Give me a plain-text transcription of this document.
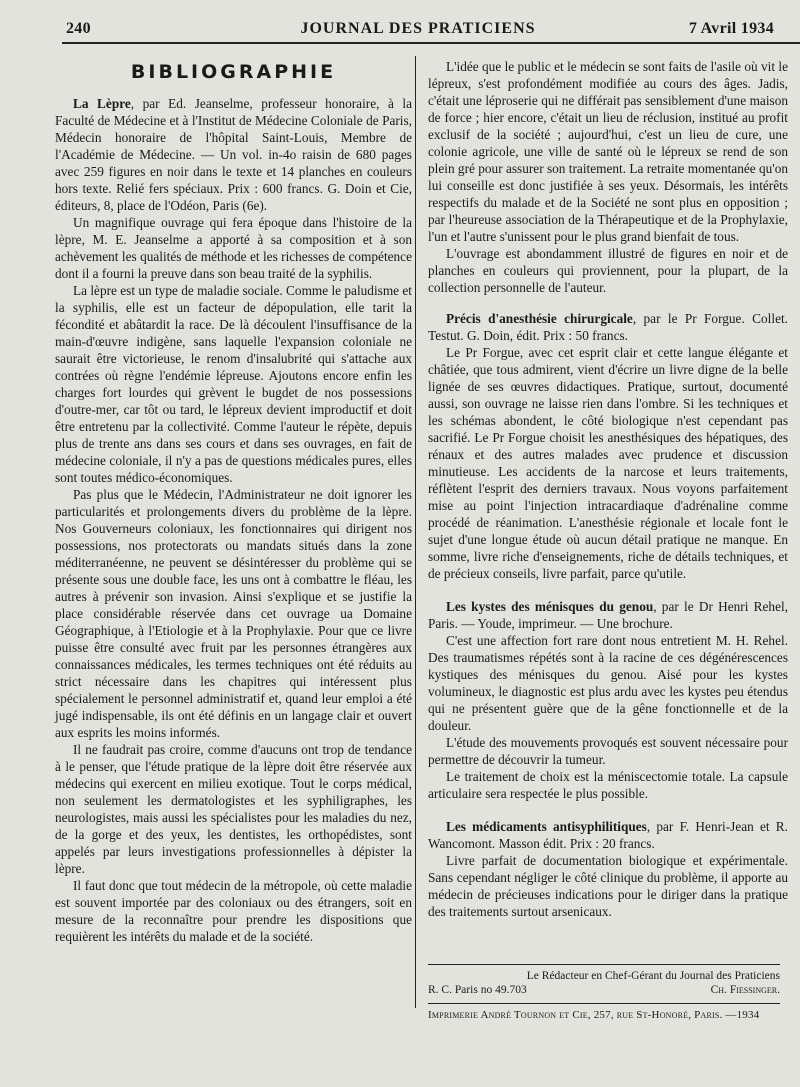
240	JOURNAL DES PRATICIENS	7 Avril 1934
BIBLIOGRAPHIE

La Lèpre, par Ed. Jeanselme, professeur honoraire, à la Faculté de Médecine et à l'Institut de Médecine Coloniale de Paris, Médecin honoraire de l'hôpital Saint-Louis, Membre de l'Académie de Médecine. — Un vol. in-4o raisin de 680 pages avec 259 figures en noir dans le texte et 14 planches en couleurs hors texte. Relié fers spéciaux. Prix : 600 francs. G. Doin et Cie, éditeurs, 8, place de l'Odéon, Paris (6e).

Un magnifique ouvrage qui fera époque dans l'histoire de la lèpre, M. E. Jeanselme a apporté à sa composition et à son achèvement les qualités de méthode et les richesses de compétence dont il a fourni la preuve dans son beau traité de la syphilis.

La lèpre est un type de maladie sociale. Comme le paludisme et la syphilis, elle est un facteur de dépopulation, elle tarit la fécondité et abâtardit la race. De là découlent l'insuffisance de la main-d'œuvre indigène, sans laquelle l'expansion coloniale ne saurait être victorieuse, le renom d'insalubrité qui s'attache aux contrées où règne l'endémie lépreuse. Ajoutons encore enfin les charges fort lourdes qui grèvent le bugdet de nos possessions d'outre-mer, car tôt ou tard, le lépreux devient improductif et doit être entretenu par la collectivité. Comme l'auteur le répète, depuis plus de trente ans dans ses cours et dans ses ouvrages, en fait de médecine coloniale, il n'y a pas de questions médicales pures, elles sont toutes médico-économiques.

Pas plus que le Médecin, l'Administrateur ne doit ignorer les particularités et prolongements divers du problème de la lèpre. Nos Gouverneurs coloniaux, les fonctionnaires qui dirigent nos possessions, nos protectorats ou mandats situés dans la zone méditerranéenne, ne peuvent se désintéresser du problème qui se présente sous une double face, les uns ont à combattre le fléau, les autres à prévenir son invasion. Ainsi s'explique et se justifie la place considérable réservée dans cet ouvrage ua Domaine Géographique, à l'Etiologie et à la Prophylaxie. Pour que ce livre puisse être consulté avec fruit par les personnes étrangères aux connaissances médicales, les termes techniques ont été réduits au strict nécessaire dans les chapitres qui intéressent plus spécialement le personnel administratif et, quand leur emploi a été jugé indispensable, ils ont été définis en un langage clair et ouvert aux esprits les moins informés.

Il ne faudrait pas croire, comme d'aucuns ont trop de tendance à le penser, que l'étude pratique de la lèpre doit être réservée aux médecins qui exercent en milieu exotique. Tout le corps médical, non seulement les dermatologistes et les syphiligraphes, les neurologistes, mais aussi les spécialistes pour les maladies du nez, de la gorge et des yeux, les dentistes, les orthopédistes, sont appelés par leurs investigations professionnelles à dépister la lèpre.

Il faut donc que tout médecin de la métropole, où cette maladie est souvent importée par des coloniaux ou des étrangers, soit en mesure de la reconnaître pour prendre les dispositions que requièrent les intérêts du malade et de la société.

L'idée que le public et le médecin se sont faits de l'asile où vit le lépreux, s'est profondément modifiée au cours des âges. Jadis, c'était une léproserie qui ne différait pas sensiblement d'une maison de force ; hier encore, c'était un lieu de réclusion, institué au profit exclusif de la société ; aujourd'hui, c'est un lieu de cure, une colonie agricole, une ville de santé où le lépreux se rend de son plein gré pour assurer son traitement. La retraite momentanée qu'on lui conseille est donc justifiée à ses yeux. Désormais, les intérêts respectifs du malade et de la Société ne sont plus en opposition ; par l'heureuse association de la Thérapeutique et de la Prophylaxie, l'un et l'autre s'unissent pour le plus grand bienfait de tous.

L'ouvrage est abondamment illustré de figures en noir et de planches en couleurs qui proviennent, pour la plupart, de la collection personnelle de l'auteur.

Précis d'anesthésie chirurgicale, par le Pr Forgue. Collet. Testut. G. Doin, édit. Prix : 50 francs.

Le Pr Forgue, avec cet esprit clair et cette langue élégante et châtiée, que tous admirent, vient d'écrire un livre digne de la belle lignée de ses œuvres didactiques. Pratique, surtout, documenté aussi, son ouvrage ne laisse rien dans l'ombre. Si les techniques et les schémas abondent, le côté biologique n'est cependant pas sacrifié. Le Pr Forgue choisit les anesthésiques des hépatiques, des rénaux et des autres malades avec prudence et discussion minutieuse. Les accidents de la narcose et leurs traitements, réflètent l'esprit des derniers travaux. Nous voyons parfaitement mise au point l'injection intracardiaque d'adrénaline comme procédé de réanimation. L'anesthésie régionale et locale font le sujet d'une longue étude où aucun détail pratique ne manque. En somme, livre riche d'enseignements, riche de détails techniques, et de précieux conseils, livre parfait, parce qu'utile.

Les kystes des ménisques du genou, par le Dr Henri Rehel, Paris. — Youde, imprimeur. — Une brochure.

C'est une affection fort rare dont nous entretient M. H. Rehel. Des traumatismes répétés sont à la racine de ces dégénérescences kystiques des ménisques du genou. Aisé pour les kystes volumineux, le diagnostic est plus ardu avec les kystes peu étendus qui ne présentent guère que de la gêne fonctionnelle et de la douleur.

L'étude des mouvements provoqués est souvent nécessaire pour permettre de découvrir la tumeur.

Le traitement de choix est la méniscectomie totale. La capsule articulaire sera respectée le plus possible.

Les médicaments antisyphilitiques, par F. Henri-Jean et R. Wancomont. Masson édit. Prix : 20 francs.

Livre parfait de documentation biologique et expérimentale. Sans cependant négliger le côté clinique du problème, il apporte au médecin de précieuses indications pour le diriger dans la pratique des traitements surtout arsenicaux.

Le Rédacteur en Chef-Gérant du Journal des Praticiens
R. C. Paris no 49.703	Ch. Fiessinger.
Imprimerie André Tournon et Cie, 257, rue St-Honoré, Paris. —1934
